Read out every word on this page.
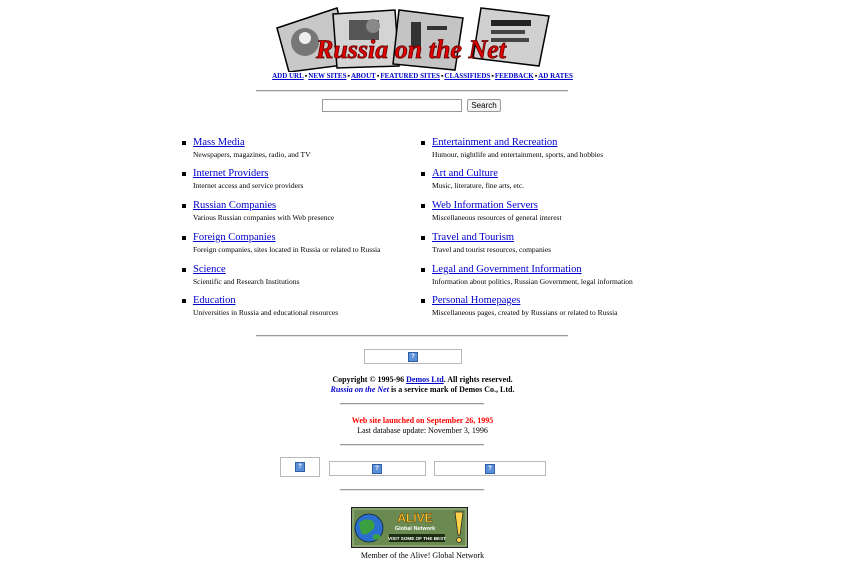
Russia on the Net
ADD URL▪NEW SITES▪ABOUT▪FEATURED SITES▪CLASSIFIEDS▪FEEDBACK▪AD RATES
Search
Mass Media
Newspapers, magazines, radio, and TV
Internet Providers
Internet access and service providers
Russian Companies
Various Russian companies with Web presence
Foreign Companies
Foreign companies, sites located in Russia or related to Russia
Science
Scientific and Research Institutions
Education
Universities in Russia and educational resources
Entertainment and Recreation
Humour, nightlife and entertainment, sports, and hobbies
Art and Culture
Music, literature, fine arts, etc.
Web Information Servers
Miscellaneous resources of general interest
Travel and Tourism
Travel and tourist resources, companies
Legal and Government Information
Information about politics, Russian Government, legal information
Personal Homepages
Miscellaneous pages, created by Russians or related to Russia
?
Copyright © 1995-96 Demos Ltd. All rights reserved.
Russia on the Net is a service mark of Demos Co., Ltd.
Web site launched on September 26, 1995
Last database update: November 3, 1996
?	?	?
ALIVE
Global Network
VISIT SOME OF THE BEST
Member of the Alive! Global Network
